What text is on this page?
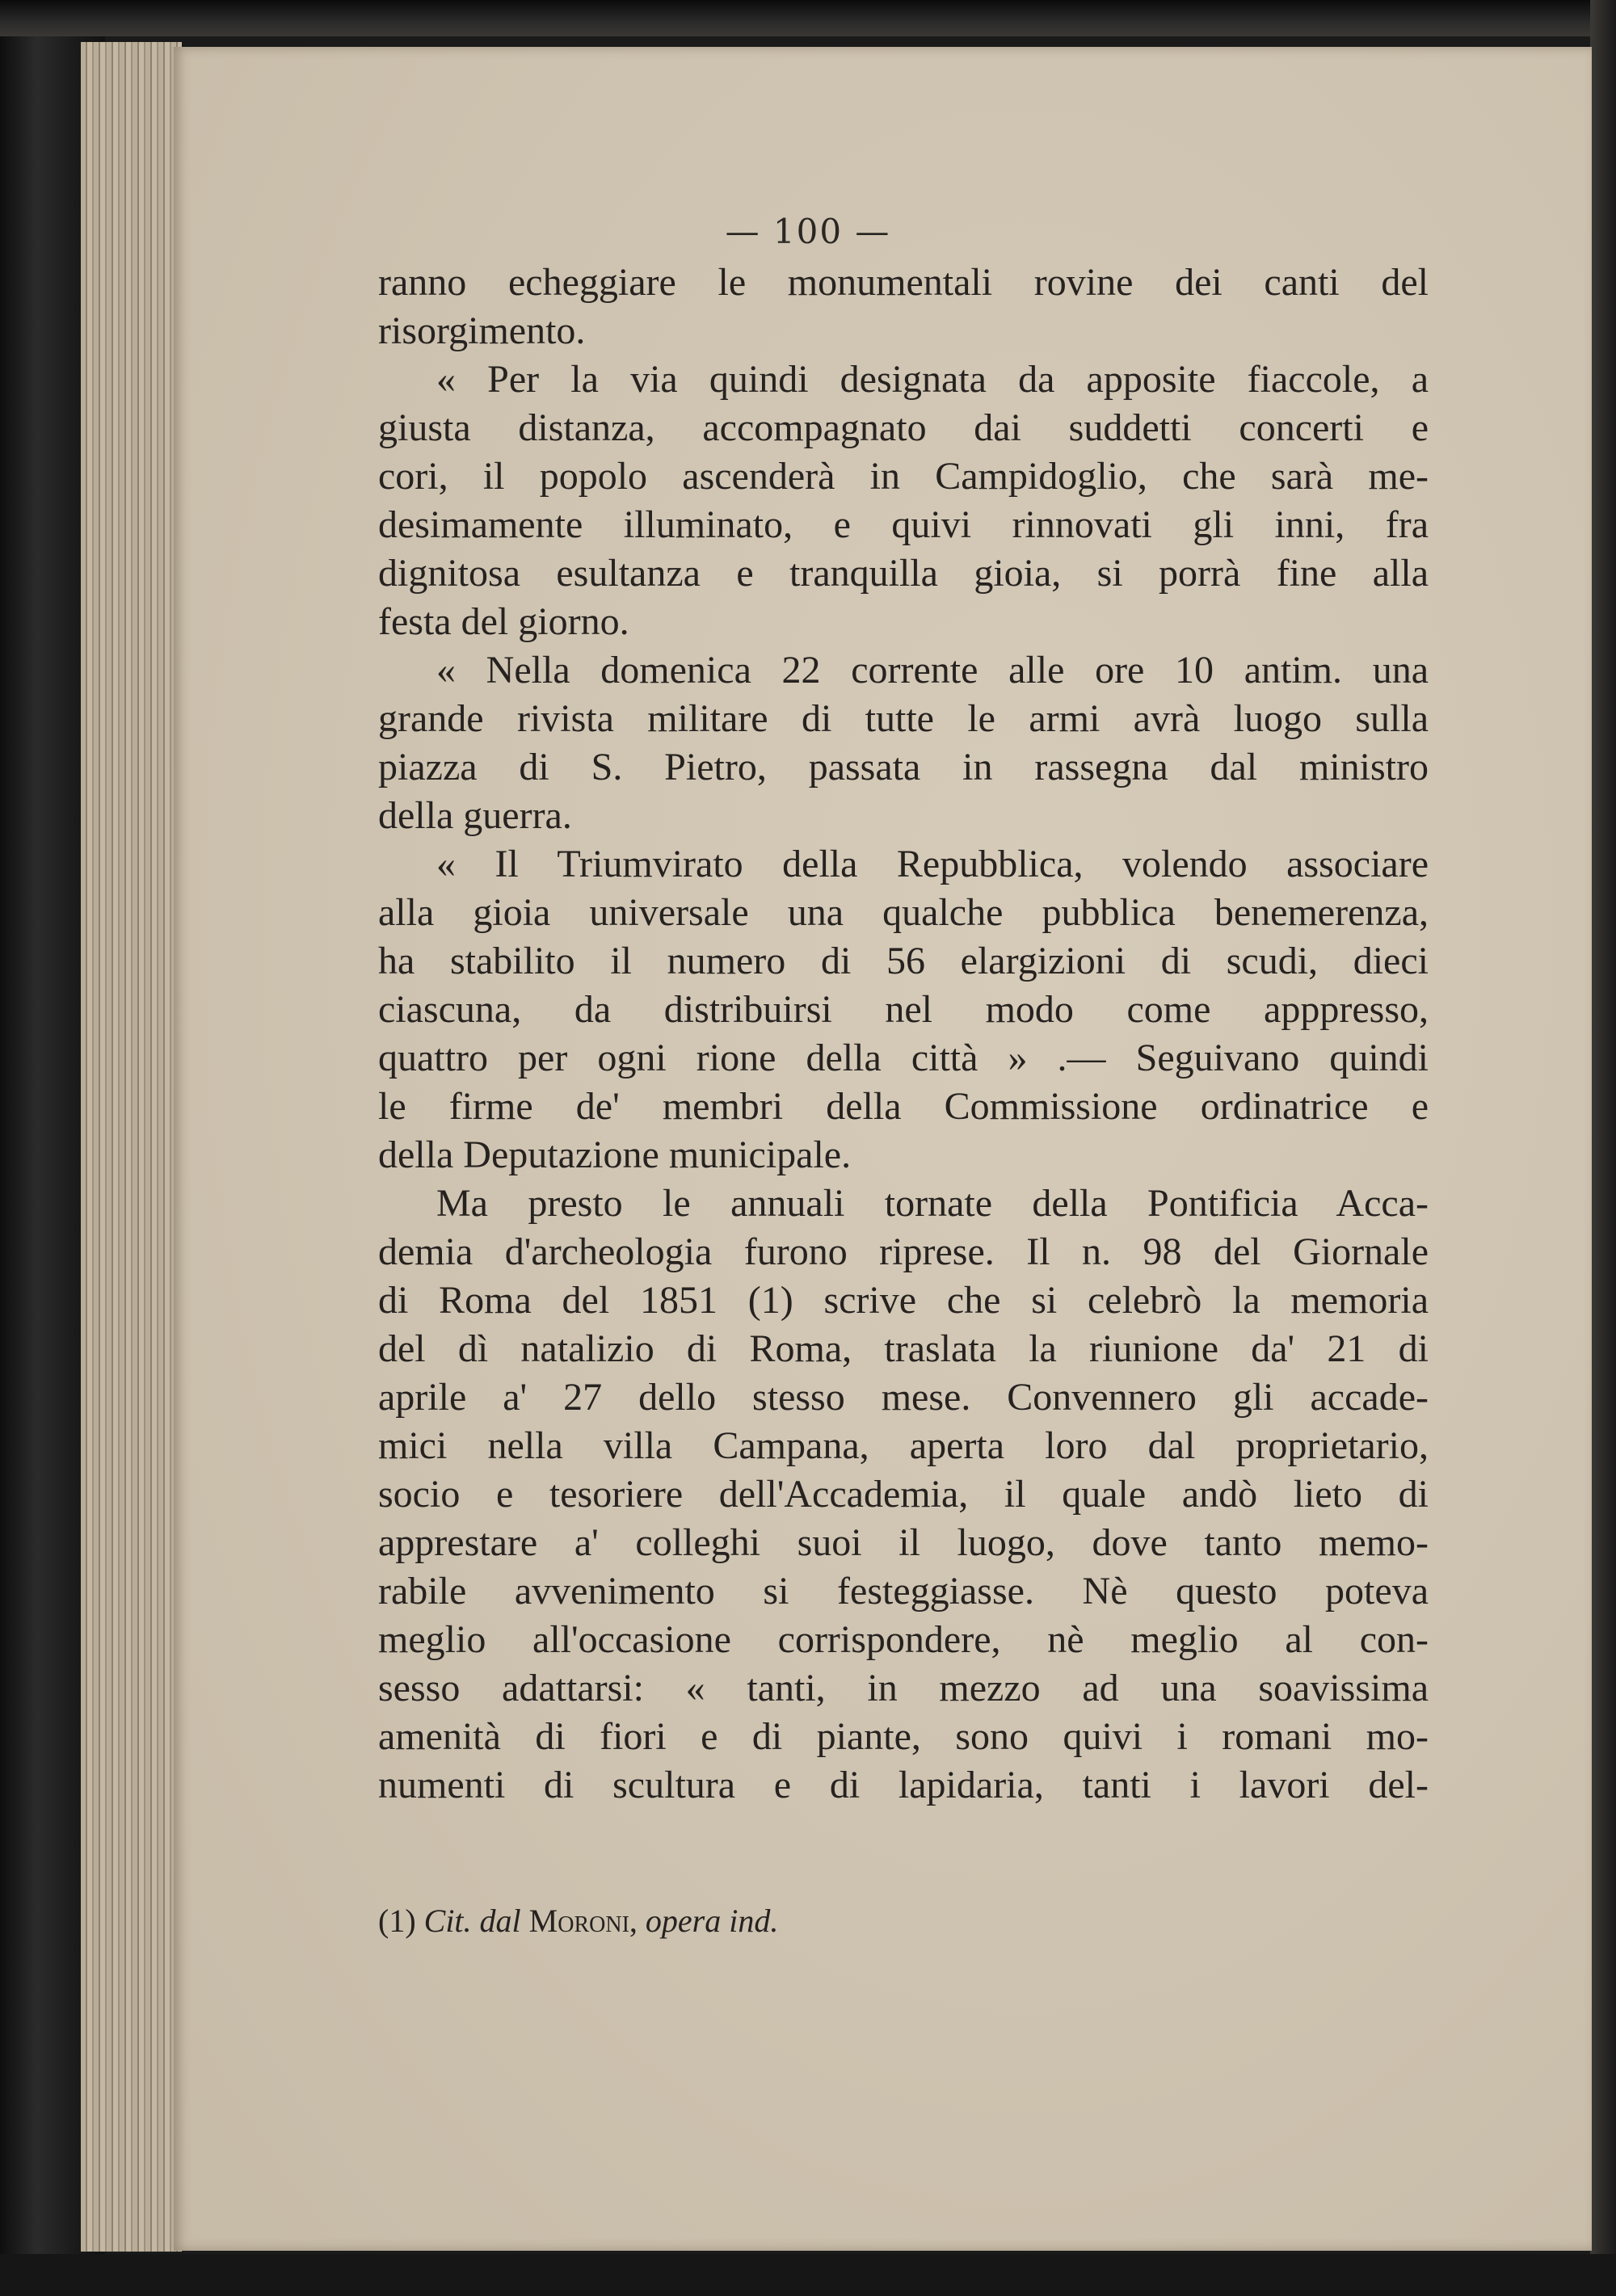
— 100 —
ranno echeggiare le monumentali rovine dei canti del
risorgimento.
« Per la via quindi designata da apposite fiaccole, a
giusta distanza, accompagnato dai suddetti concerti e
cori, il popolo ascenderà in Campidoglio, che sarà me-
desimamente illuminato, e quivi rinnovati gli inni, fra
dignitosa esultanza e tranquilla gioia, si porrà fine alla
festa del giorno.
« Nella domenica 22 corrente alle ore 10 antim. una
grande rivista militare di tutte le armi avrà luogo sulla
piazza di S. Pietro, passata in rassegna dal ministro
della guerra.
« Il Triumvirato della Repubblica, volendo associare
alla gioia universale una qualche pubblica benemerenza,
ha stabilito il numero di 56 elargizioni di scudi, dieci
ciascuna, da distribuirsi nel modo come apppresso,
quattro per ogni rione della città » .— Seguivano quindi
le firme de' membri della Commissione ordinatrice e
della Deputazione municipale.
Ma presto le annuali tornate della Pontificia Acca-
demia d'archeologia furono riprese. Il n. 98 del Giornale
di Roma del 1851 (1) scrive che si celebrò la memoria
del dì natalizio di Roma, traslata la riunione da' 21 di
aprile a' 27 dello stesso mese. Convennero gli accade-
mici nella villa Campana, aperta loro dal proprietario,
socio e tesoriere dell'Accademia, il quale andò lieto di
apprestare a' colleghi suoi il luogo, dove tanto memo-
rabile avvenimento si festeggiasse. Nè questo poteva
meglio all'occasione corrispondere, nè meglio al con-
sesso adattarsi: « tanti, in mezzo ad una soavissima
amenità di fiori e di piante, sono quivi i romani mo-
numenti di scultura e di lapidaria, tanti i lavori del-
(1) Cit. dal Moroni, opera ind.
